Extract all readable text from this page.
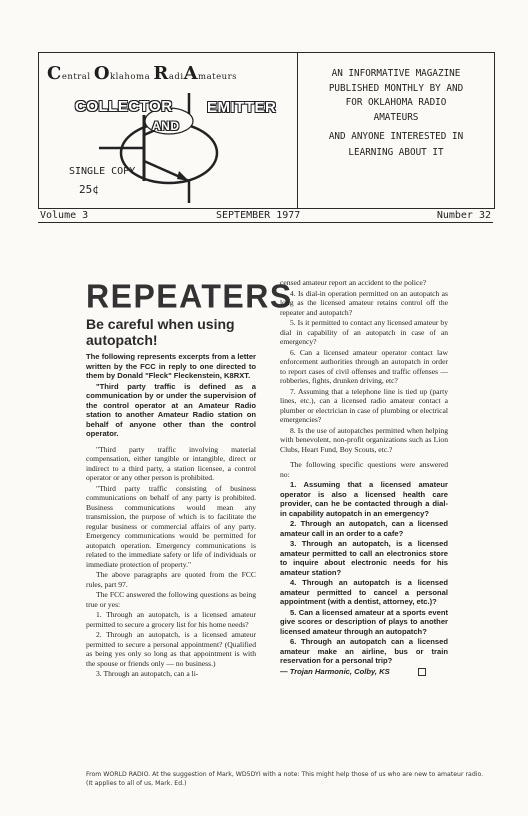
Central Oklahoma RadiAmateurs
COLLECTOR EMITTER
AND
SINGLE COPY
25¢
AN INFORMATIVE MAGAZINE
PUBLISHED MONTHLY BY AND
FOR OKLAHOMA RADIO
AMATEURS
AND ANYONE INTERESTED IN
LEARNING ABOUT IT
Volume 3	SEPTEMBER 1977	Number 32
REPEATERS
Be careful when using autopatch!

The following represents excerpts from a letter written by the FCC in reply to one directed to them by Donald "Fleck" Fleckenstein, K8RXT.

"Third party traffic is defined as a communication by or under the supervision of the control operator at an Amateur Radio station to another Amateur Radio station on behalf of anyone other than the control operator.

"Third party traffic involving material compensation, either tangible or intangible, direct or indirect to a third party, a station licensee, a control operator or any other person is prohibited.

"Third party traffic consisting of business communications on behalf of any party is prohibited. Business communications would mean any transmission, the purpose of which is to facilitate the regular business or commercial affairs of any party. Emergency communications would be permitted for autopatch operation. Emergency communications is related to the immediate safety or life of individuals or immediate protection of property."

The above paragraphs are quoted from the FCC rules, part 97.

The FCC answered the following questions as being true or yes:

1. Through an autopatch, is a licensed amateur permitted to secure a grocery list for his home needs?

2. Through an autopatch, is a licensed amateur permitted to secure a personal appointment? (Qualified as being yes only so long as that appointment is with the spouse or friends only — no business.)

3. Through an autopatch, can a li-

censed amateur report an accident to the police?

4. Is dial-in operation permitted on an autopatch as long as the licensed amateur retains control off the repeater and autopatch?

5. Is it permitted to contact any licensed amateur by dial in capability of an autopatch in case of an emergency?

6. Can a licensed amateur operator contact law enforcement authorities through an autopatch in order to report cases of civil offenses and traffic offenses — robberies, fights, drunken driving, etc?

7. Assuming that a telephone line is tied up (party lines, etc.), can a licensed radio amateur contact a plumber or electrician in case of plumbing or electrical emergencies?

8. Is the use of autopatches permitted when helping with benevolent, non-profit organizations such as Lion Clubs, Heart Fund, Boy Scouts, etc.?

The following specific questions were answered no:

1. Assuming that a licensed amateur operator is also a licensed health care provider, can he be contacted through a dial-in capability autopatch in an emergency?

2. Through an autopatch, can a licensed amateur call in an order to a cafe?

3. Through an autopatch, is a licensed amateur permitted to call an electronics store to inquire about electronic needs for his amateur station?

4. Through an autopatch is a licensed amateur permitted to cancel a personal appointment (with a dentist, attorney, etc.)?

5. Can a licensed amateur at a sports event give scores or description of plays to another licensed amateur through an autopatch?

6. Through an autopatch can a licensed amateur make an airline, bus or train reservation for a personal trip?

— Trojan Harmonic, Colby, KS

From WORLD RADIO. At the suggestion of Mark, WD5DYI with a note: This might help those of us who are new to amateur radio. (It applies to all of us, Mark. Ed.)
